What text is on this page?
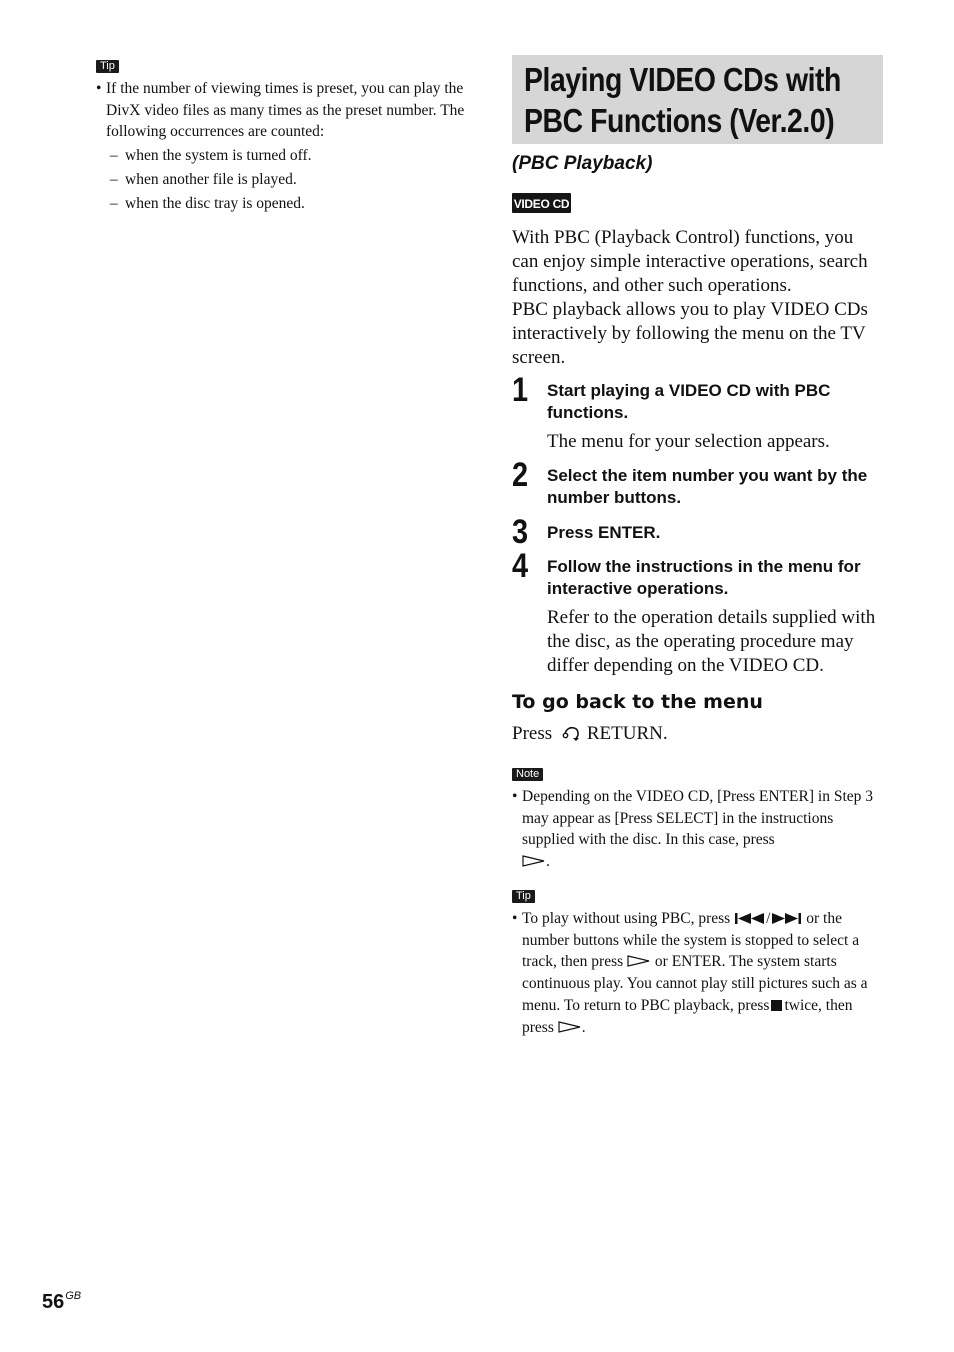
Tip
• If the number of viewing times is preset, you can play the DivX video files as many times as the preset number. The following occurrences are counted:
– when the system is turned off.
– when another file is played.
– when the disc tray is opened.
Playing VIDEO CDs with
PBC Functions (Ver.2.0)
(PBC Playback)
VIDEO CD
With PBC (Playback Control) functions, you can enjoy simple interactive operations, search functions, and other such operations.
PBC playback allows you to play VIDEO CDs interactively by following the menu on the TV screen.
1 Start playing a VIDEO CD with PBC functions.
The menu for your selection appears.
2 Select the item number you want by the number buttons.
3 Press ENTER.
4 Follow the instructions in the menu for interactive operations.
Refer to the operation details supplied with the disc, as the operating procedure may differ depending on the VIDEO CD.
To go back to the menu
Press RETURN.
Note
• Depending on the VIDEO CD, [Press ENTER] in Step 3 may appear as [Press SELECT] in the instructions supplied with the disc. In this case, press
.
Tip
• To play without using PBC, press / or the number buttons while the system is stopped to select a track, then press or ENTER. The system starts continuous play. You cannot play still pictures such as a menu. To return to PBC playback, press twice, then press .
$56^{GB}$
